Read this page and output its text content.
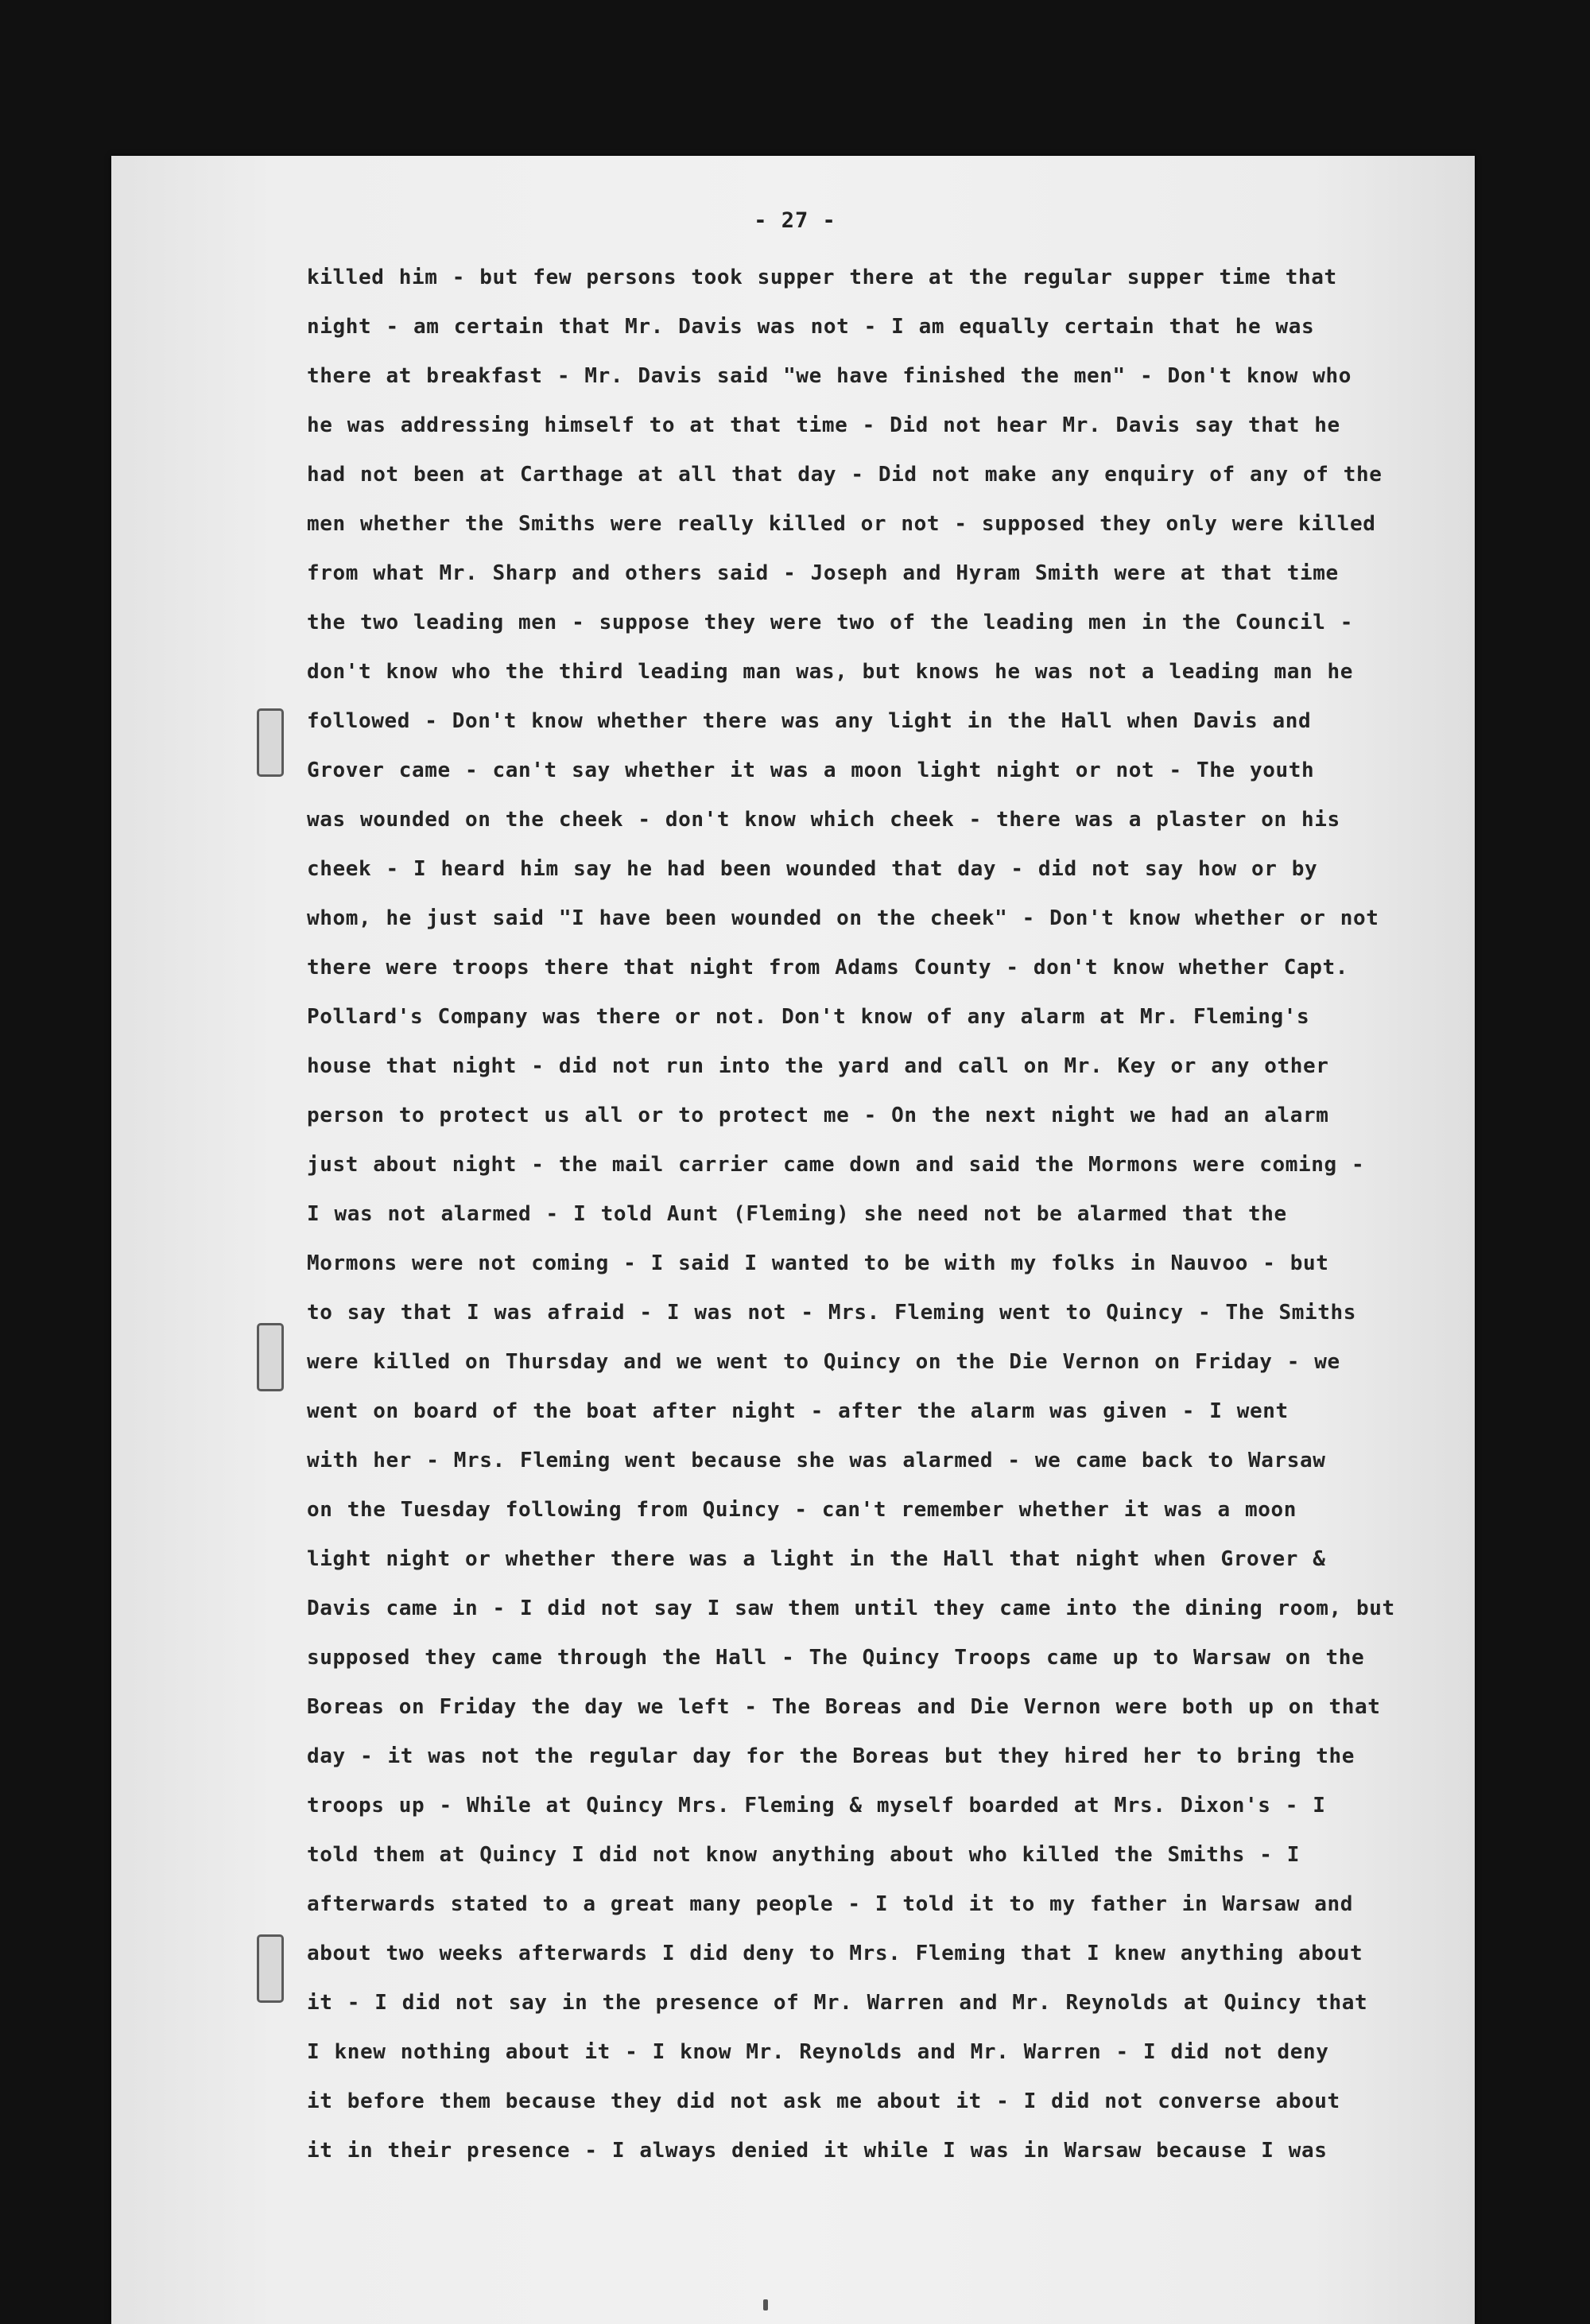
- 27 -
killed him - but few persons took supper there at the regular supper time that
night - am certain that Mr. Davis was not - I am equally certain that he was
there at breakfast - Mr. Davis said "we have finished the men" - Don't know who
he was addressing himself to at that time - Did not hear Mr. Davis say that he
had not been at Carthage at all that day - Did not make any enquiry of any of the
men whether the Smiths were really killed or not - supposed they only were killed
from what Mr. Sharp and others said - Joseph and Hyram Smith were at that time
the two leading men - suppose they were two of the leading men in the Council -
don't know who the third leading man was, but knows he was not a leading man he
followed - Don't know whether there was any light in the Hall when Davis and
Grover came - can't say whether it was a moon light night or not - The youth
was wounded on the cheek - don't know which cheek - there was a plaster on his
cheek - I heard him say he had been wounded that day - did not say how or by
whom, he just said "I have been wounded on the cheek" - Don't know whether or not
there were troops there that night from Adams County - don't know whether Capt.
Pollard's Company was there or not. Don't know of any alarm at Mr. Fleming's
house that night - did not run into the yard and call on Mr. Key or any other
person to protect us all or to protect me - On the next night we had an alarm
just about night - the mail carrier came down and said the Mormons were coming -
I was not alarmed - I told Aunt (Fleming) she need not be alarmed that the
Mormons were not coming - I said I wanted to be with my folks in Nauvoo - but
to say that I was afraid - I was not - Mrs. Fleming went to Quincy - The Smiths
were killed on Thursday and we went to Quincy on the Die Vernon on Friday - we
went on board of the boat after night - after the alarm was given - I went
with her - Mrs. Fleming went because she was alarmed - we came back to Warsaw
on the Tuesday following from Quincy - can't remember whether it was a moon
light night or whether there was a light in the Hall that night when Grover &
Davis came in - I did not say I saw them until they came into the dining room, but
supposed they came through the Hall - The Quincy Troops came up to Warsaw on the
Boreas on Friday the day we left - The Boreas and Die Vernon were both up on that
day - it was not the regular day for the Boreas but they hired her to bring the
troops up - While at Quincy Mrs. Fleming & myself boarded at Mrs. Dixon's - I
told them at Quincy I did not know anything about who killed the Smiths - I
afterwards stated to a great many people - I told it to my father in Warsaw and
about two weeks afterwards I did deny to Mrs. Fleming that I knew anything about
it - I did not say in the presence of Mr. Warren and Mr. Reynolds at Quincy that
I knew nothing about it - I know Mr. Reynolds and Mr. Warren - I did not deny
it before them because they did not ask me about it - I did not converse about
it in their presence - I always denied it while I was in Warsaw because I was
